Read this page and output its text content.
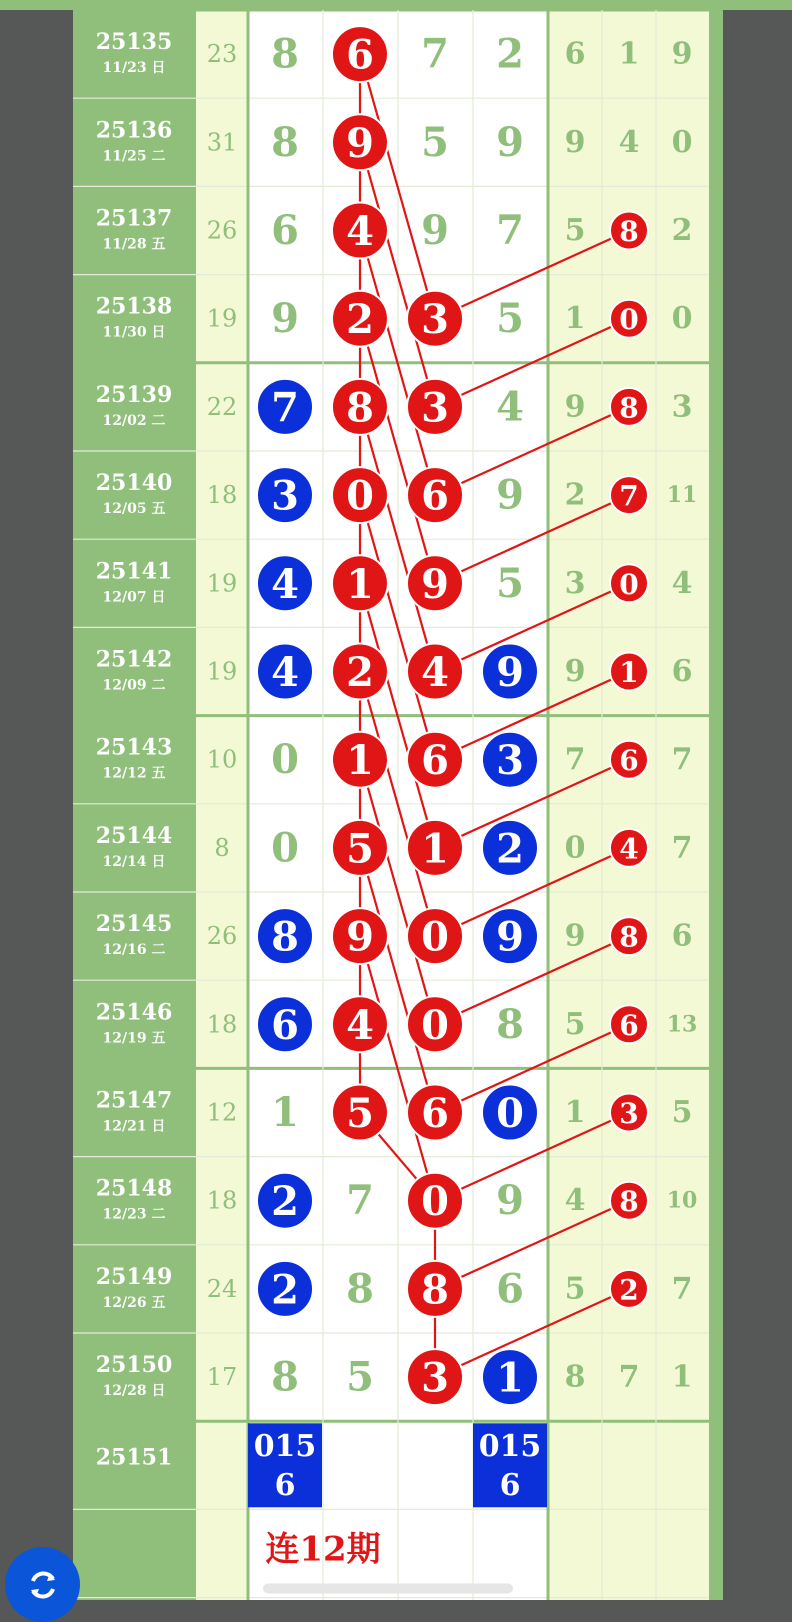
25135
11/23 日 23 8 6 7 2 6 1 9
25136
11/25 二 31 8 9 5 9 9 4 0
25137
11/28 五 26 6 4 9 7 5 8 2
25138
11/30 日 19 9 2 3 5 1 0 0
25139
12/02 二 22 7 8 3 4 9 8 3
25140
12/05 五 18 3 0 6 9 2 7 11
25141
12/07 日 19 4 1 9 5 3 0 4
25142
12/09 二 19 4 2 4 9 9 1 6
25143
12/12 五 10 0 1 6 3 7 6 7
25144
12/14 日 8 0 5 1 2 0 4 7
25145
12/16 二 26 8 9 0 9 9 8 6
25146
12/19 五 18 6 4 0 8 5 6 13
25147
12/21 日 12 1 5 6 0 1 3 5
25148
12/23 二 18 2 7 0 9 4 8 10
25149
12/26 五 24 2 8 8 6 5 2 7
25150
12/28 日 17 8 5 3 1 8 7 1
25151	015
6
015
6
连12期
